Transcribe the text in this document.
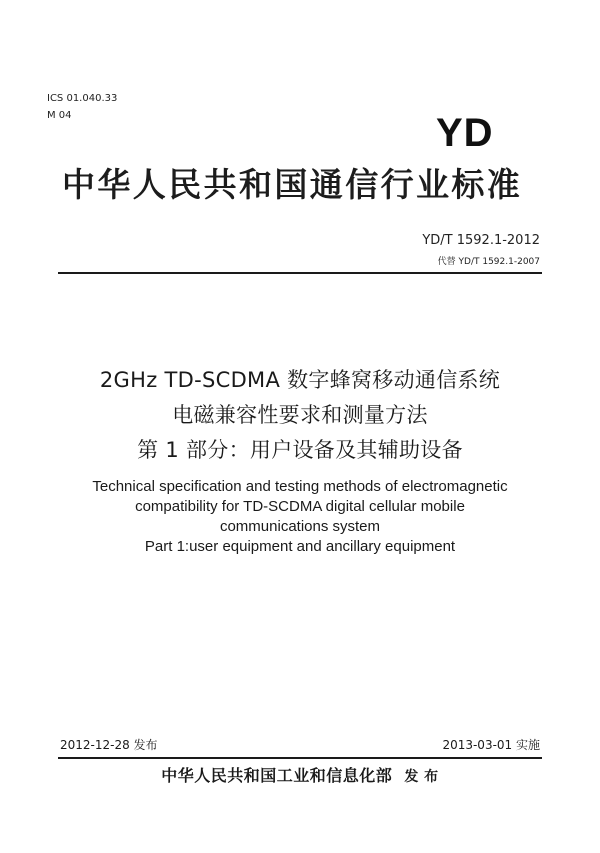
ICS 01.040.33
M 04	YD
中华人民共和国通信行业标准
YD/T 1592.1-2012
代替 YD/T 1592.1-2007
2GHz TD-SCDMA 数字蜂窝移动通信系统
电磁兼容性要求和测量方法
第 1 部分：用户设备及其辅助设备
Technical specification and testing methods of electromagnetic
compatibility for TD-SCDMA digital cellular mobile
communications system
Part 1:user equipment and ancillary equipment
2012-12-28 发布	2013-03-01 实施
中华人民共和国工业和信息化部 发 布
